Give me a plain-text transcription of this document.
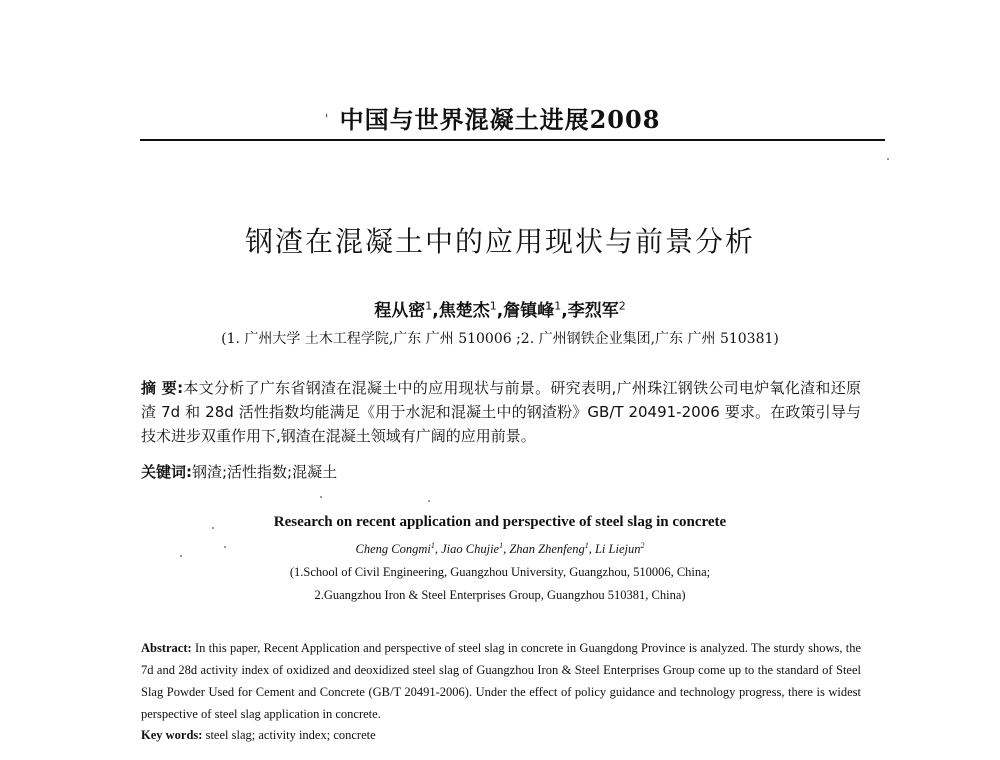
' 中国与世界混凝土进展2008
钢渣在混凝土中的应用现状与前景分析
程从密$^1$,焦楚杰$^1$,詹镇峰$^1$,李烈军$^2$
(1. 广州大学 土木工程学院,广东 广州 510006 ;2. 广州钢铁企业集团,广东 广州 510381)
摘 要:本文分析了广东省钢渣在混凝土中的应用现状与前景。研究表明,广州珠江钢铁公司电炉氧化渣和还原渣 7d 和 28d 活性指数均能满足《用于水泥和混凝土中的钢渣粉》GB/T 20491-2006 要求。在政策引导与技术进步双重作用下,钢渣在混凝土领域有广阔的应用前景。
关键词:钢渣;活性指数;混凝土
Research on recent application and perspective of steel slag in concrete
Cheng Congmi$^1$, Jiao Chujie$^1$, Zhan Zhenfeng$^1$, Li Liejun$^2$
(1.School of Civil Engineering, Guangzhou University, Guangzhou, 510006, China;
2.Guangzhou Iron & Steel Enterprises Group, Guangzhou 510381, China)
Abstract: In this paper, Recent Application and perspective of steel slag in concrete in Guangdong Province is analyzed. The sturdy shows, the 7d and 28d activity index of oxidized and deoxidized steel slag of Guangzhou Iron & Steel Enterprises Group come up to the standard of Steel Slag Powder Used for Cement and Concrete (GB/T 20491-2006). Under the effect of policy guidance and technology progress, there is widest perspective of steel slag application in concrete.
Key words: steel slag; activity index; concrete
